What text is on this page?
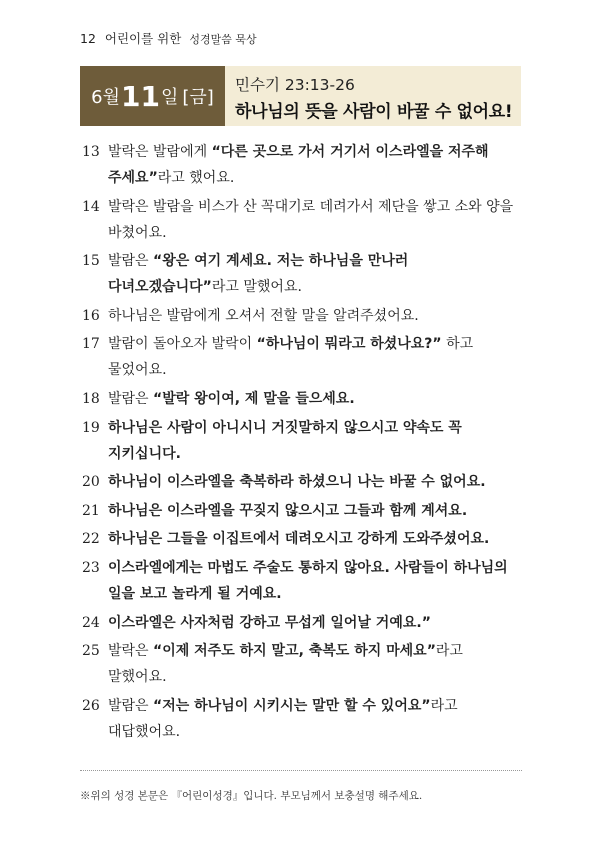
12 어린이를 위한 성경말씀 묵상
6월 11 일 [금]
민수기 23:13-26
하나님의 뜻을 사람이 바꿀 수 없어요!
13 발락은 발람에게 “다른 곳으로 가서 거기서 이스라엘을 저주해 주세요”라고 했어요.
14 발락은 발람을 비스가 산 꼭대기로 데려가서 제단을 쌓고 소와 양을 바쳤어요.
15 발람은 “왕은 여기 계세요. 저는 하나님을 만나러 다녀오겠습니다”라고 말했어요.
16 하나님은 발람에게 오셔서 전할 말을 알려주셨어요.
17 발람이 돌아오자 발락이 “하나님이 뭐라고 하셨나요?” 하고 물었어요.
18 발람은 “발락 왕이여, 제 말을 들으세요.
19 하나님은 사람이 아니시니 거짓말하지 않으시고 약속도 꼭 지키십니다.
20 하나님이 이스라엘을 축복하라 하셨으니 나는 바꿀 수 없어요.
21 하나님은 이스라엘을 꾸짖지 않으시고 그들과 함께 계셔요.
22 하나님은 그들을 이집트에서 데려오시고 강하게 도와주셨어요.
23 이스라엘에게는 마법도 주술도 통하지 않아요. 사람들이 하나님의 일을 보고 놀라게 될 거예요.
24 이스라엘은 사자처럼 강하고 무섭게 일어날 거예요.”
25 발락은 “이제 저주도 하지 말고, 축복도 하지 마세요”라고 말했어요.
26 발람은 “저는 하나님이 시키시는 말만 할 수 있어요”라고 대답했어요.
※위의 성경 본문은 『어린이성경』입니다. 부모님께서 보충설명 해주세요.
